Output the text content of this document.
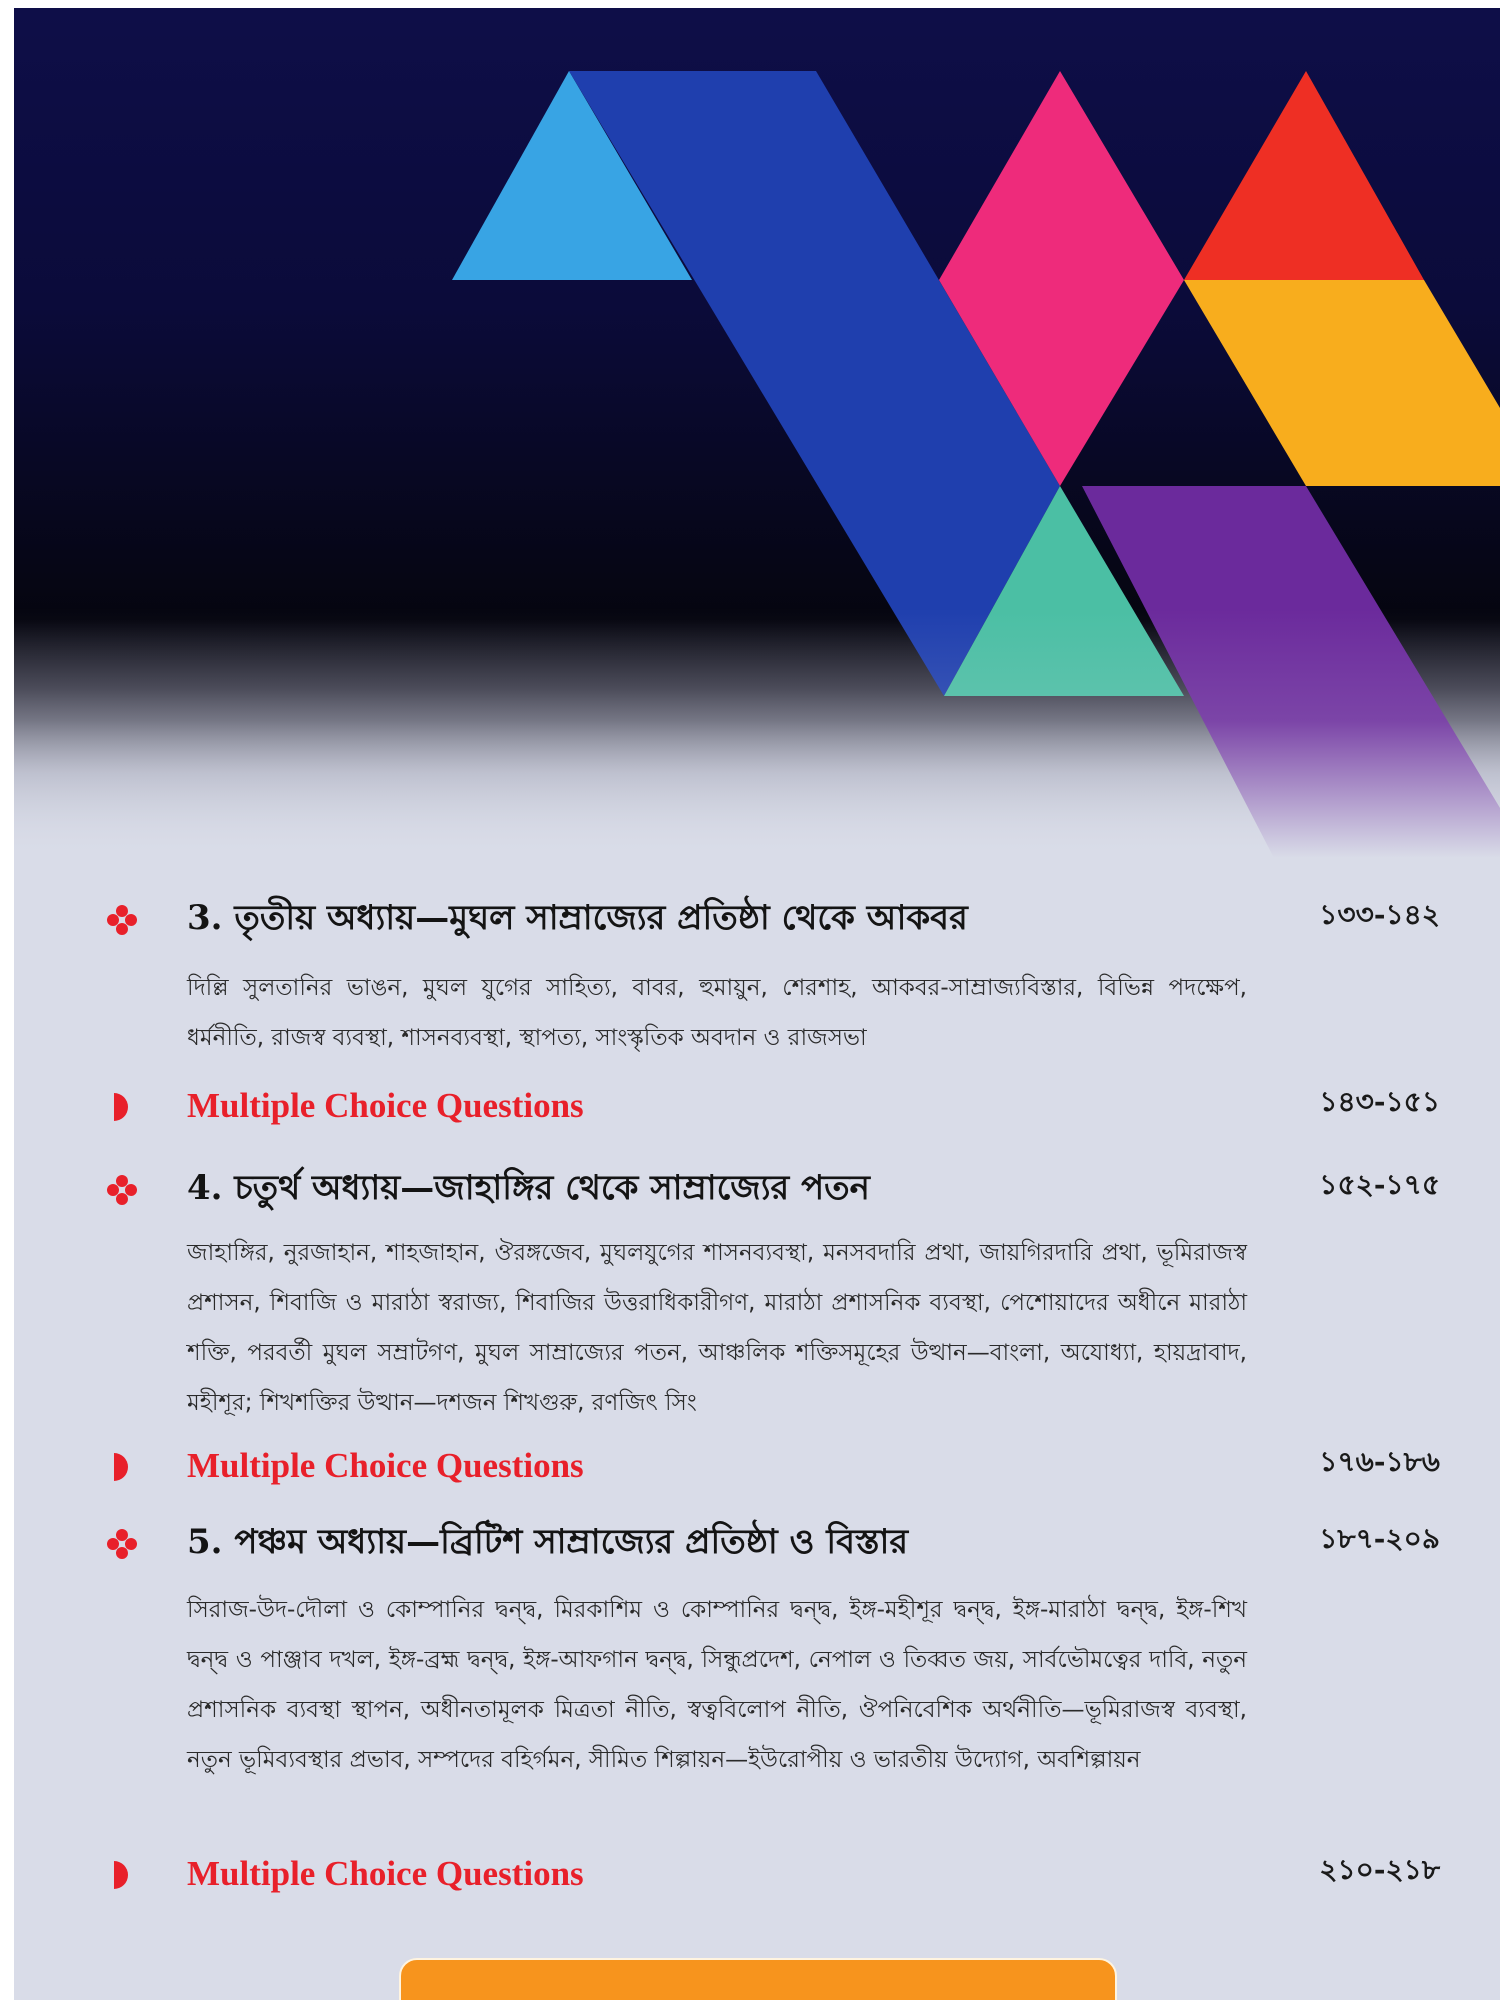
3. তৃতীয় অধ্যায়—মুঘল সাম্রাজ্যের প্রতিষ্ঠা থেকে আকবর	১৩৩-১৪২

দিল্লি সুলতানির ভাঙন, মুঘল যুগের সাহিত্য, বাবর, হুমায়ুন, শেরশাহ, আকবর-সাম্রাজ্যবিস্তার, বিভিন্ন পদক্ষেপ, ধর্মনীতি, রাজস্ব ব্যবস্থা, শাসনব্যবস্থা, স্থাপত্য, সাংস্কৃতিক অবদান ও রাজসভা

Multiple Choice Questions	১৪৩-১৫১
4. চতুর্থ অধ্যায়—জাহাঙ্গির থেকে সাম্রাজ্যের পতন	১৫২-১৭৫

জাহাঙ্গির, নুরজাহান, শাহজাহান, ঔরঙ্গজেব, মুঘলযুগের শাসনব্যবস্থা, মনসবদারি প্রথা, জায়গিরদারি প্রথা, ভূমিরাজস্ব প্রশাসন, শিবাজি ও মারাঠা স্বরাজ্য, শিবাজির উত্তরাধিকারীগণ, মারাঠা প্রশাসনিক ব্যবস্থা, পেশোয়াদের অধীনে মারাঠা শক্তি, পরবর্তী মুঘল সম্রাটগণ, মুঘল সাম্রাজ্যের পতন, আঞ্চলিক শক্তিসমূহের উত্থান—বাংলা, অযোধ্যা, হায়দ্রাবাদ, মহীশূর; শিখশক্তির উত্থান—দশজন শিখগুরু, রণজিৎ সিং

Multiple Choice Questions	১৭৬-১৮৬
5. পঞ্চম অধ্যায়—ব্রিটিশ সাম্রাজ্যের প্রতিষ্ঠা ও বিস্তার	১৮৭-২০৯

সিরাজ-উদ-দৌলা ও কোম্পানির দ্বন্দ্ব, মিরকাশিম ও কোম্পানির দ্বন্দ্ব, ইঙ্গ-মহীশূর দ্বন্দ্ব, ইঙ্গ-মারাঠা দ্বন্দ্ব, ইঙ্গ-শিখ দ্বন্দ্ব ও পাঞ্জাব দখল, ইঙ্গ-ব্রহ্ম দ্বন্দ্ব, ইঙ্গ-আফগান দ্বন্দ্ব, সিন্ধুপ্রদেশ, নেপাল ও তিব্বত জয়, সার্বভৌমত্বের দাবি, নতুন প্রশাসনিক ব্যবস্থা স্থাপন, অধীনতামূলক মিত্রতা নীতি, স্বত্ববিলোপ নীতি, ঔপনিবেশিক অর্থনীতি—ভূমিরাজস্ব ব্যবস্থা, নতুন ভূমিব্যবস্থার প্রভাব, সম্পদের বহির্গমন, সীমিত শিল্পায়ন—ইউরোপীয় ও ভারতীয় উদ্যোগ, অবশিল্পায়ন

Multiple Choice Questions	২১০-২১৮
